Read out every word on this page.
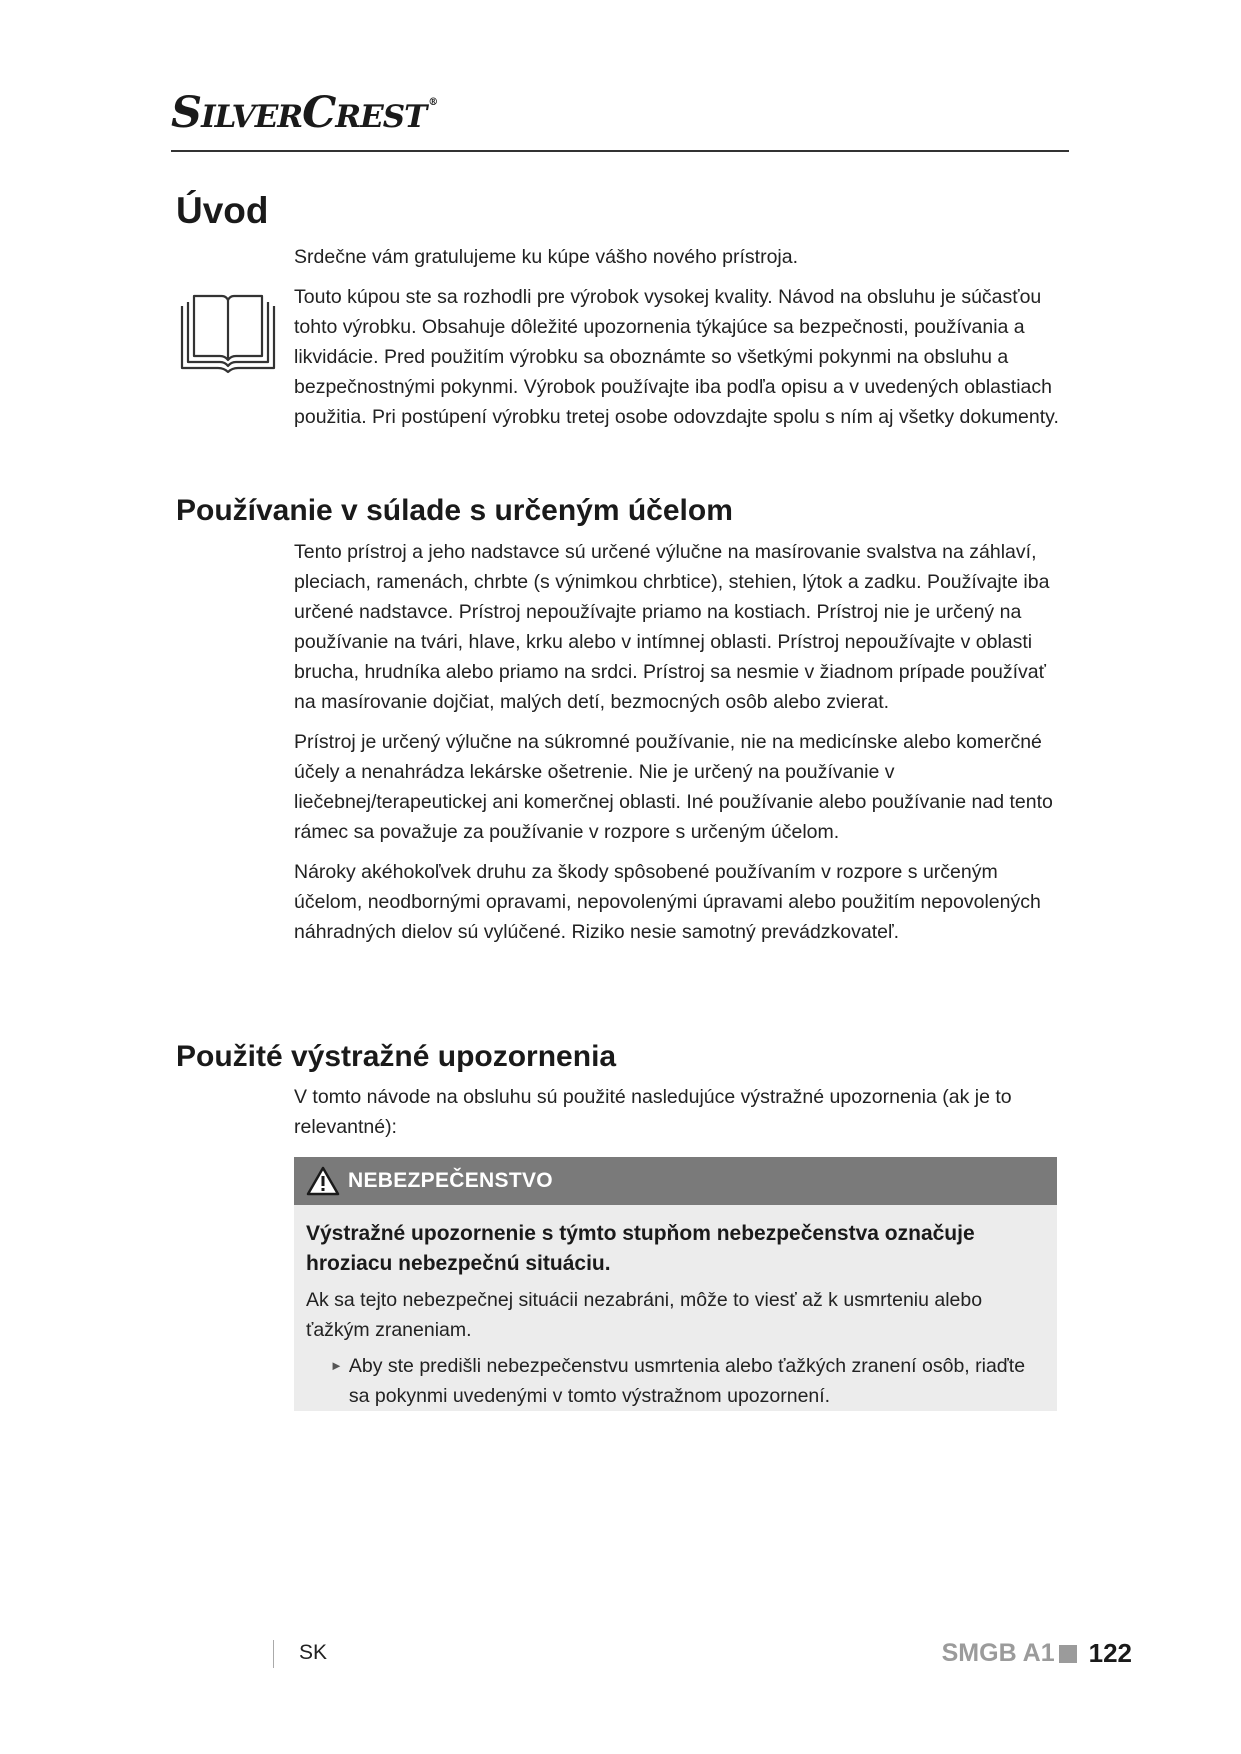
SILVERCREST ®
Úvod

Srdečne vám gratulujeme ku kúpe vášho nového prístroja.

Touto kúpou ste sa rozhodli pre výrobok vysokej kvality. Návod na obsluhu je súčasťou tohto výrobku. Obsahuje dôležité upozornenia týkajúce sa bezpečnosti, používania a likvidácie. Pred použitím výrobku sa oboznámte so všetkými pokynmi na obsluhu a bezpečnostnými pokynmi. Výrobok používajte iba podľa opisu a v uvedených oblastiach použitia. Pri postúpení výrobku tretej osobe odovzdajte spolu s ním aj všetky dokumenty.

Používanie v súlade s určeným účelom

Tento prístroj a jeho nadstavce sú určené výlučne na masírovanie svalstva na záhlaví, pleciach, ramenách, chrbte (s výnimkou chrbtice), stehien, lýtok a zadku. Používajte iba určené nadstavce. Prístroj nepoužívajte priamo na kostiach. Prístroj nie je určený na používanie na tvári, hlave, krku alebo v intímnej oblasti. Prístroj nepoužívajte v oblasti brucha, hrudníka alebo priamo na srdci. Prístroj sa nesmie v žiadnom prípade používať na masírovanie dojčiat, malých detí, bezmocných osôb alebo zvierat.

Prístroj je určený výlučne na súkromné používanie, nie na medicínske alebo komerčné účely a nenahrádza lekárske ošetrenie. Nie je určený na používanie v liečebnej/terapeutickej ani komerčnej oblasti. Iné používanie alebo používanie nad tento rámec sa považuje za používanie v rozpore s určeným účelom.

Nároky akéhokoľvek druhu za škody spôsobené používaním v rozpore s určeným účelom, neodbornými opravami, nepovolenými úpravami alebo použitím nepovolených náhradných dielov sú vylúčené. Riziko nesie samotný prevádzkovateľ.

Použité výstražné upozornenia

V tomto návode na obsluhu sú použité nasledujúce výstražné upozornenia (ak je to relevantné):

NEBEZPEČENSTVO

Výstražné upozornenie s týmto stupňom nebezpečenstva označuje hroziacu nebezpečnú situáciu.

Ak sa tejto nebezpečnej situácii nezabráni, môže to viesť až k usmrteniu alebo ťažkým zraneniam.

► Aby ste predišli nebezpečenstvu usmrtenia alebo ťažkých zranení osôb, riaďte sa pokynmi uvedenými v tomto výstražnom upozornení.
SK	SMGB A1 122
